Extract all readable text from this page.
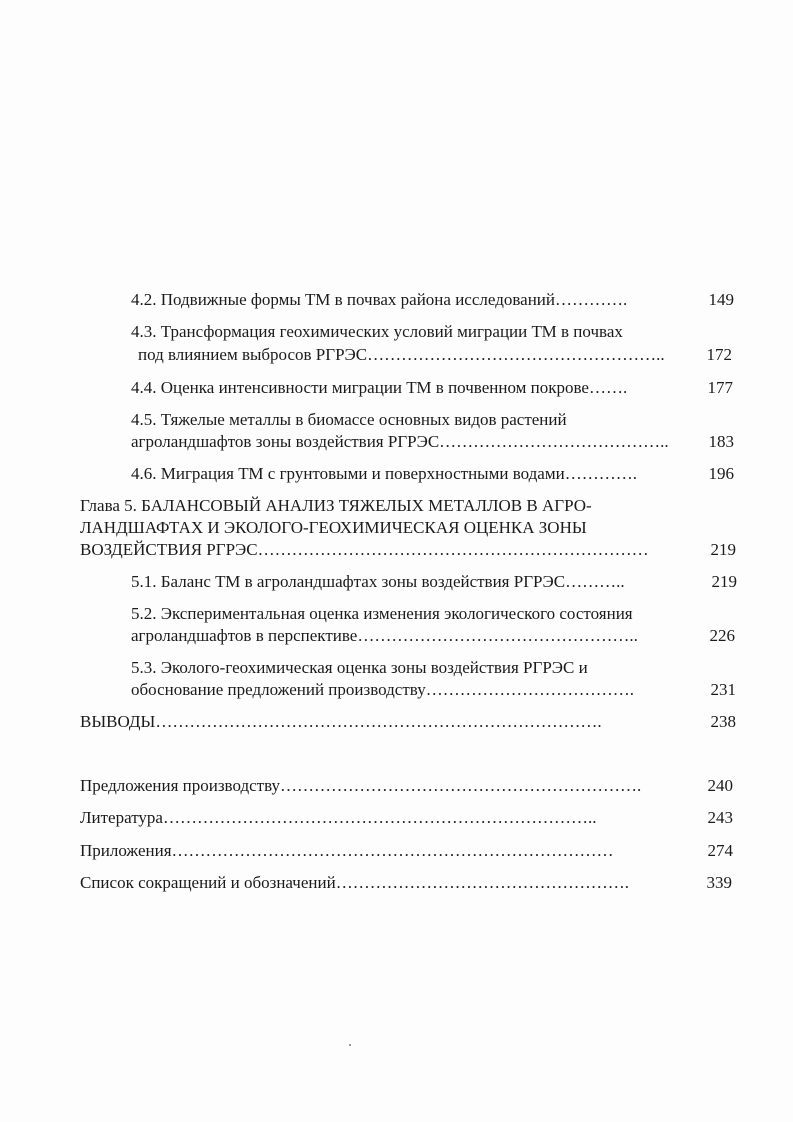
4.2. Подвижные формы ТМ в почвах района исследований………….	149
4.3. Трансформация геохимических условий миграции ТМ в почвах
под влиянием выбросов РГРЭС……………………………………………..	172
4.4. Оценка интенсивности миграции ТМ в почвенном покрове…….	177
4.5. Тяжелые металлы в биомассе основных видов растений
агроландшафтов зоны воздействия РГРЭС…………………………………..	183
4.6. Миграция ТМ с грунтовыми и поверхностными водами………….	196
Глава 5. БАЛАНСОВЫЙ АНАЛИЗ ТЯЖЕЛЫХ МЕТАЛЛОВ В АГРО-
ЛАНДШАФТАХ И ЭКОЛОГО-ГЕОХИМИЧЕСКАЯ ОЦЕНКА ЗОНЫ
ВОЗДЕЙСТВИЯ РГРЭС……………………………………………………………	219
5.1. Баланс ТМ в агроландшафтах зоны воздействия РГРЭС………..	219
5.2. Экспериментальная оценка изменения экологического состояния
агроландшафтов в перспективе…………………………………………..	226
5.3. Эколого-геохимическая оценка зоны воздействия РГРЭС и
обоснование предложений производству……………………………….	231
ВЫВОДЫ…………………………………………………………………….	238
Предложения производству……………………………………………………….	240
Литература…………………………………………………………………..	243
Приложения……………………………………………………………………	274
Список сокращений и обозначений…………………………………………….	339
